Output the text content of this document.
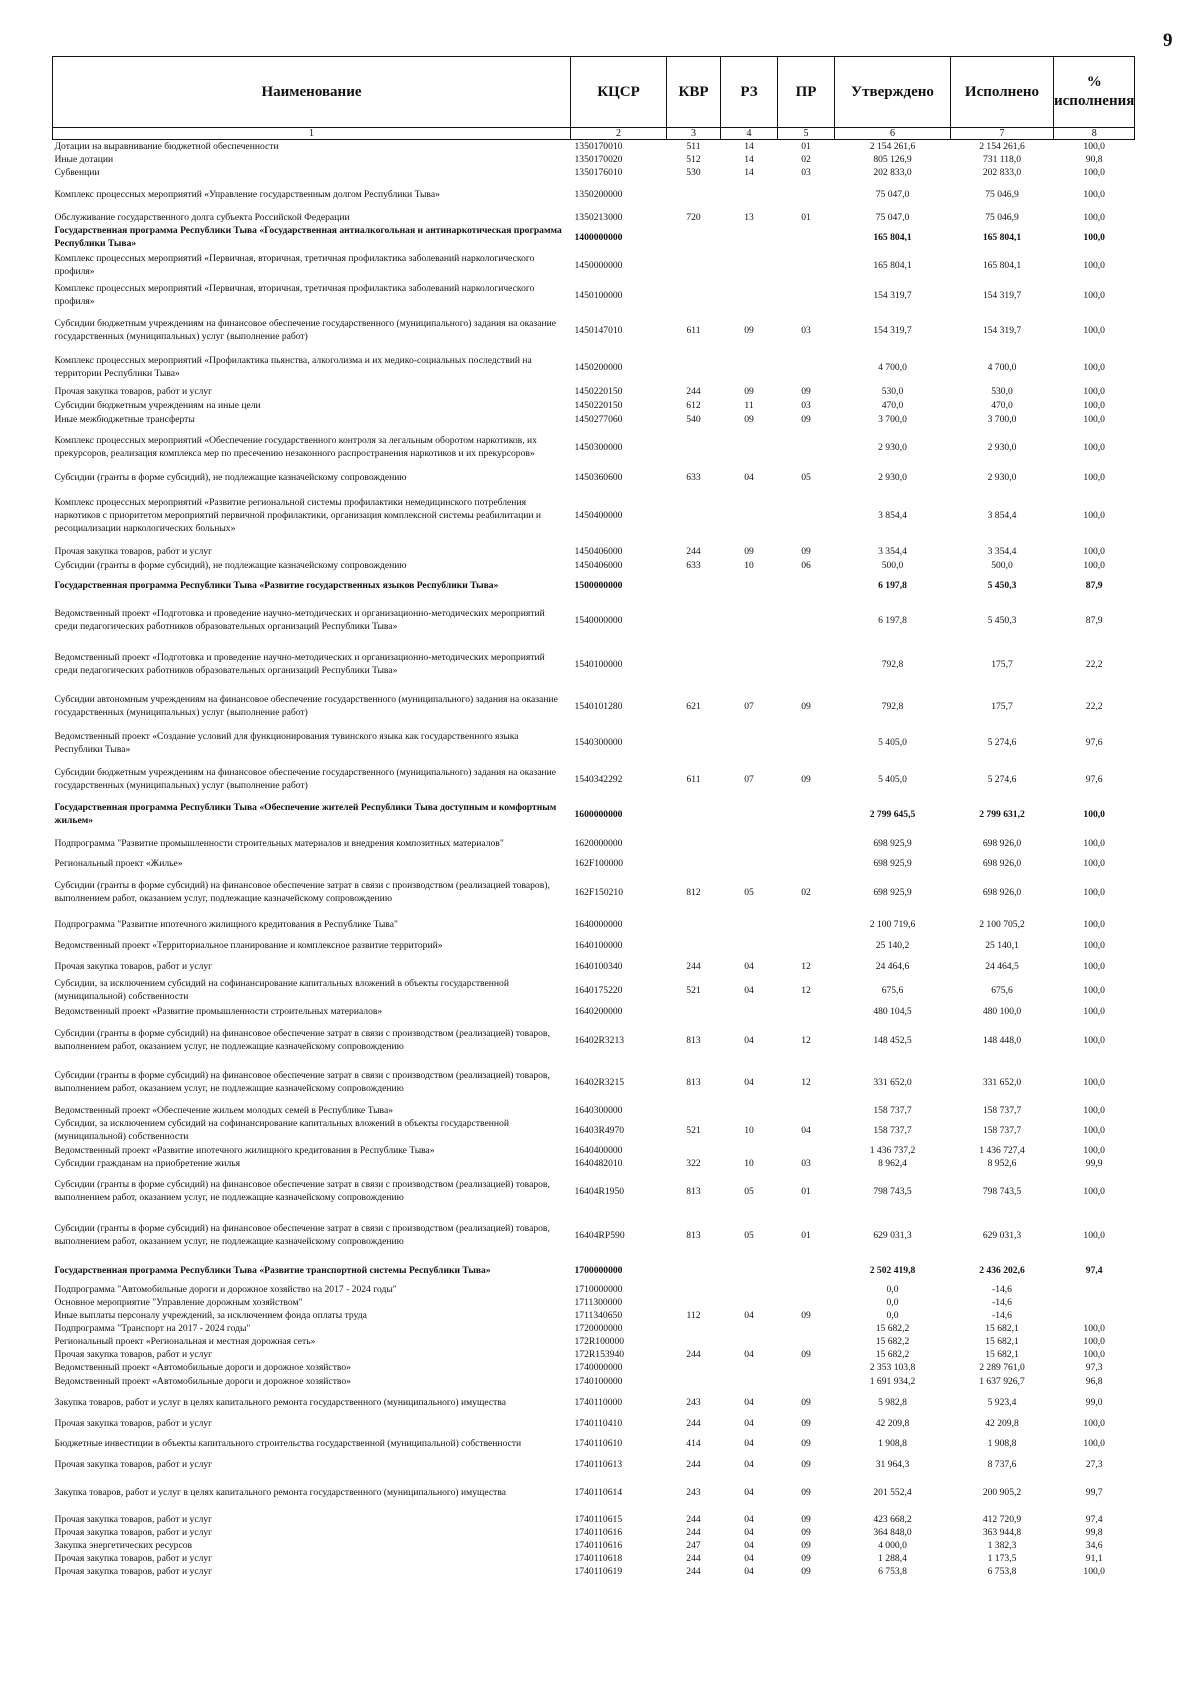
9
Наименование	КЦСР	КВР	РЗ	ПР	Утверждено	Исполнено	% исполнения
1	2	3	4	5	6	7	8
Дотации на выравнивание бюджетной обеспеченности	1350170010	511	14	01	2 154 261,6	2 154 261,6	100,0
Иные дотации	1350170020	512	14	02	805 126,9	731 118,0	90,8
Субвенции	1350176010	530	14	03	202 833,0	202 833,0	100,0
Комплекс процессных мероприятий «Управление государственным долгом Республики Тыва»	1350200000				75 047,0	75 046,9	100,0
Обслуживание государственного долга субъекта Российской Федерации	1350213000	720	13	01	75 047,0	75 046,9	100,0
Государственная программа Республики Тыва «Государственная антиалкогольная и антинаркотическая программа Республики Тыва»	1400000000				165 804,1	165 804,1	100,0
Комплекс процессных мероприятий «Первичная, вторичная, третичная профилактика заболеваний наркологического профиля»	1450000000				165 804,1	165 804,1	100,0
Комплекс процессных мероприятий «Первичная, вторичная, третичная профилактика заболеваний наркологического профиля»	1450100000				154 319,7	154 319,7	100,0
Субсидии бюджетным учреждениям на финансовое обеспечение государственного (муниципального) задания на оказание государственных (муниципальных) услуг (выполнение работ)	1450147010	611	09	03	154 319,7	154 319,7	100,0
Комплекс процессных мероприятий «Профилактика пьянства, алкоголизма и их медико-социальных последствий на территории Республики Тыва»	1450200000				4 700,0	4 700,0	100,0
Прочая закупка товаров, работ и услуг	1450220150	244	09	09	530,0	530,0	100,0
Субсидии бюджетным учреждениям на иные цели	1450220150	612	11	03	470,0	470,0	100,0
Иные межбюджетные трансферты	1450277060	540	09	09	3 700,0	3 700,0	100,0
Комплекс процессных мероприятий «Обеспечение государственного контроля за легальным оборотом наркотиков, их прекурсоров, реализация комплекса мер по пресечению незаконного распространения наркотиков и их прекурсоров»	1450300000				2 930,0	2 930,0	100,0
Субсидии (гранты в форме субсидий), не подлежащие казначейскому сопровождению	1450360600	633	04	05	2 930,0	2 930,0	100,0
Комплекс процессных мероприятий «Развитие региональной системы профилактики немедицинского потребления наркотиков с приоритетом мероприятий первичной профилактики, организация комплексной системы реабилитации и ресоциализации наркологических больных»	1450400000				3 854,4	3 854,4	100,0
Прочая закупка товаров, работ и услуг	1450406000	244	09	09	3 354,4	3 354,4	100,0
Субсидии (гранты в форме субсидий), не подлежащие казначейскому сопровождению	1450406000	633	10	06	500,0	500,0	100,0
Государственная программа Республики Тыва «Развитие государственных языков Республики Тыва»	1500000000				6 197,8	5 450,3	87,9
Ведомственный проект «Подготовка и проведение научно-методических и организационно-методических мероприятий среди педагогических работников образовательных организаций Республики Тыва»	1540000000				6 197,8	5 450,3	87,9
Ведомственный проект «Подготовка и проведение научно-методических и организационно-методических мероприятий среди педагогических работников образовательных организаций Республики Тыва»	1540100000				792,8	175,7	22,2
Субсидии автономным учреждениям на финансовое обеспечение государственного (муниципального) задания на оказание государственных (муниципальных) услуг (выполнение работ)	1540101280	621	07	09	792,8	175,7	22,2
Ведомственный проект «Создание условий для функционирования тувинского языка как государственного языка Республики Тыва»	1540300000				5 405,0	5 274,6	97,6
Субсидии бюджетным учреждениям на финансовое обеспечение государственного (муниципального) задания на оказание государственных (муниципальных) услуг (выполнение работ)	1540342292	611	07	09	5 405,0	5 274,6	97,6
Государственная программа Республики Тыва «Обеспечение жителей Республики Тыва доступным и комфортным жильем»	1600000000				2 799 645,5	2 799 631,2	100,0
Подпрограмма "Развитие промышленности строительных материалов и внедрения композитных материалов"	1620000000				698 925,9	698 926,0	100,0
Региональный проект «Жилье»	162F100000				698 925,9	698 926,0	100,0
Субсидии (гранты в форме субсидий) на финансовое обеспечение затрат в связи с производством (реализацией товаров), выполнением работ, оказанием услуг, подлежащие казначейскому сопровождению	162F150210	812	05	02	698 925,9	698 926,0	100,0
Подпрограмма "Развитие ипотечного жилищного кредитования в Республике Тыва"	1640000000				2 100 719,6	2 100 705,2	100,0
Ведомственный проект «Территориальное планирование и комплексное развитие территорий»	1640100000				25 140,2	25 140,1	100,0
Прочая закупка товаров, работ и услуг	1640100340	244	04	12	24 464,6	24 464,5	100,0
Субсидии, за исключением субсидий на софинансирование капитальных вложений в объекты государственной (муниципальной) собственности	1640175220	521	04	12	675,6	675,6	100,0
Ведомственный проект «Развитие промышленности строительных материалов»	1640200000				480 104,5	480 100,0	100,0
Субсидии (гранты в форме субсидий) на финансовое обеспечение затрат в связи с производством (реализацией) товаров, выполнением работ, оказанием услуг, не подлежащие казначейскому сопровождению	16402R3213	813	04	12	148 452,5	148 448,0	100,0
Субсидии (гранты в форме субсидий) на финансовое обеспечение затрат в связи с производством (реализацией) товаров, выполнением работ, оказанием услуг, не подлежащие казначейскому сопровождению	16402R3215	813	04	12	331 652,0	331 652,0	100,0
Ведомственный проект «Обеспечение жильем молодых семей в Республике Тыва»	1640300000				158 737,7	158 737,7	100,0
Субсидии, за исключением субсидий на софинансирование капитальных вложений в объекты государственной (муниципальной) собственности	16403R4970	521	10	04	158 737,7	158 737,7	100,0
Ведомственный проект «Развитие ипотечного жилищного кредитования в Республике Тыва»	1640400000				1 436 737,2	1 436 727,4	100,0
Субсидии гражданам на приобретение жилья	1640482010	322	10	03	8 962,4	8 952,6	99,9
Субсидии (гранты в форме субсидий) на финансовое обеспечение затрат в связи с производством (реализацией) товаров, выполнением работ, оказанием услуг, не подлежащие казначейскому сопровождению	16404R1950	813	05	01	798 743,5	798 743,5	100,0
Субсидии (гранты в форме субсидий) на финансовое обеспечение затрат в связи с производством (реализацией) товаров, выполнением работ, оказанием услуг, не подлежащие казначейскому сопровождению	16404RP590	813	05	01	629 031,3	629 031,3	100,0
Государственная программа Республики Тыва «Развитие транспортной системы Республики Тыва»	1700000000				2 502 419,8	2 436 202,6	97,4
Подпрограмма "Автомобильные дороги и дорожное хозяйство на 2017 - 2024 годы"	1710000000				0,0	-14,6	
Основное мероприятие "Управление дорожным хозяйством"	1711300000				0,0	-14,6	
Иные выплаты персоналу учреждений, за исключением фонда оплаты труда	1711340650	112	04	09	0,0	-14,6	
Подпрограмма "Транспорт на 2017 - 2024 годы"	1720000000				15 682,2	15 682,1	100,0
Региональный проект «Региональная и местная дорожная сеть»	172R100000				15 682,2	15 682,1	100,0
Прочая закупка товаров, работ и услуг	172R153940	244	04	09	15 682,2	15 682,1	100,0
Ведомственный проект «Автомобильные дороги и дорожное хозяйство»	1740000000				2 353 103,8	2 289 761,0	97,3
Ведомственный проект «Автомобильные дороги и дорожное хозяйство»	1740100000				1 691 934,2	1 637 926,7	96,8
Закупка товаров, работ и услуг в целях капитального ремонта государственного (муниципального) имущества	1740110000	243	04	09	5 982,8	5 923,4	99,0
Прочая закупка товаров, работ и услуг	1740110410	244	04	09	42 209,8	42 209,8	100,0
Бюджетные инвестиции в объекты капитального строительства государственной (муниципальной) собственности	1740110610	414	04	09	1 908,8	1 908,8	100,0
Прочая закупка товаров, работ и услуг	1740110613	244	04	09	31 964,3	8 737,6	27,3
Закупка товаров, работ и услуг в целях капитального ремонта государственного (муниципального) имущества	1740110614	243	04	09	201 552,4	200 905,2	99,7
Прочая закупка товаров, работ и услуг	1740110615	244	04	09	423 668,2	412 720,9	97,4
Прочая закупка товаров, работ и услуг	1740110616	244	04	09	364 848,0	363 944,8	99,8
Закупка энергетических ресурсов	1740110616	247	04	09	4 000,0	1 382,3	34,6
Прочая закупка товаров, работ и услуг	1740110618	244	04	09	1 288,4	1 173,5	91,1
Прочая закупка товаров, работ и услуг	1740110619	244	04	09	6 753,8	6 753,8	100,0
